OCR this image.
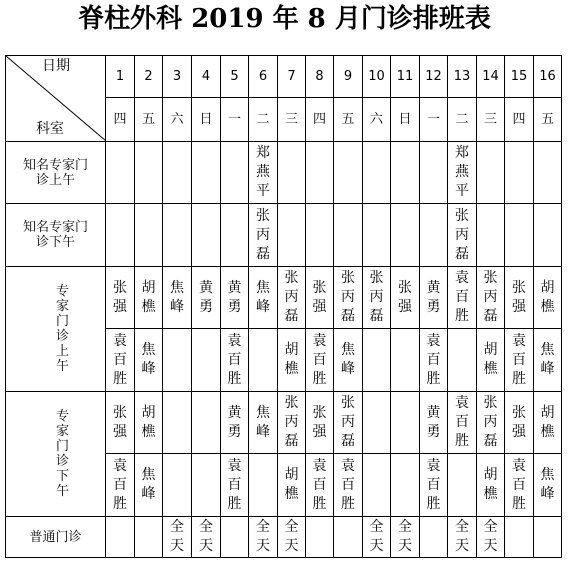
脊柱外科 2019 年 8 月门诊排班表
日期
科室	1	2	3	4	5	6	7	8	9	10	11	12	13	14	15	16
	四	五	六	日	一	二	三	四	五	六	日	一	二	三	四	五
知名专家门诊上午						郑燕平							郑燕平			
知名专家门诊下午						张丙磊							张丙磊			
专家门诊上午	张强	胡樵	焦峰	黄勇	黄勇	焦峰	张丙磊	张强	张丙磊	张丙磊	张强	黄勇	袁百胜	张丙磊	张强	胡樵
	袁百胜	焦峰			袁百胜		胡樵	袁百胜	焦峰			袁百胜		胡樵	袁百胜	焦峰
专家门诊下午	张强	胡樵			黄勇	焦峰	张丙磊	张强	张丙磊			黄勇	袁百胜	张丙磊	张强	胡樵
	袁百胜	焦峰			袁百胜		胡樵	袁百胜	袁百胜			袁百胜		胡樵	袁百胜	焦峰
普通门诊			全天	全天		全天	全天			全天	全天		全天	全天		
